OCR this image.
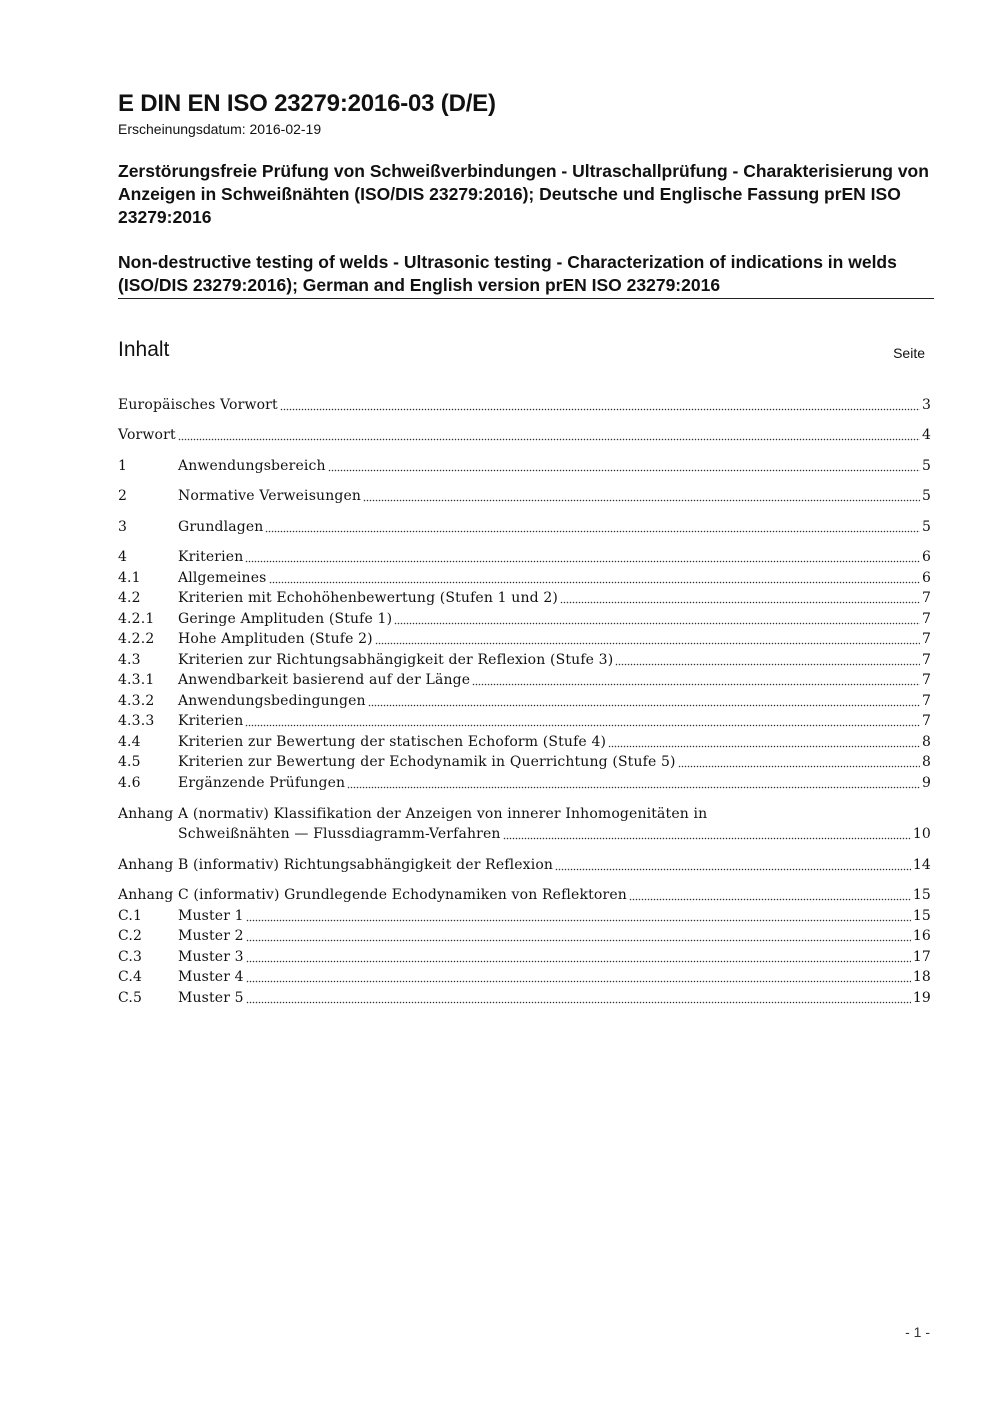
E DIN EN ISO 23279:2016-03 (D/E)
Erscheinungsdatum: 2016-02-19
Zerstörungsfreie Prüfung von Schweißverbindungen - Ultraschallprüfung - Charakterisierung von Anzeigen in Schweißnähten (ISO/DIS 23279:2016); Deutsche und Englische Fassung prEN ISO 23279:2016
Non-destructive testing of welds - Ultrasonic testing - Characterization of indications in welds (ISO/DIS 23279:2016); German and English version prEN ISO 23279:2016
Inhalt	Seite
Europäisches Vorwort	3
Vorwort	4
1	Anwendungsbereich	5
2	Normative Verweisungen	5
3	Grundlagen	5
4	Kriterien	6
4.1	Allgemeines	6
4.2	Kriterien mit Echohöhenbewertung (Stufen 1 und 2)	7
4.2.1	Geringe Amplituden (Stufe 1)	7
4.2.2	Hohe Amplituden (Stufe 2)	7
4.3	Kriterien zur Richtungsabhängigkeit der Reflexion (Stufe 3)	7
4.3.1	Anwendbarkeit basierend auf der Länge	7
4.3.2	Anwendungsbedingungen	7
4.3.3	Kriterien	7
4.4	Kriterien zur Bewertung der statischen Echoform (Stufe 4)	8
4.5	Kriterien zur Bewertung der Echodynamik in Querrichtung (Stufe 5)	8
4.6	Ergänzende Prüfungen	9
Anhang A (normativ) Klassifikation der Anzeigen von innerer Inhomogenitäten in
Schweißnähten — Flussdiagramm-Verfahren	10
Anhang B (informativ) Richtungsabhängigkeit der Reflexion	14
Anhang C (informativ) Grundlegende Echodynamiken von Reflektoren	15
C.1	Muster 1	15
C.2	Muster 2	16
C.3	Muster 3	17
C.4	Muster 4	18
C.5	Muster 5	19
- 1 -
